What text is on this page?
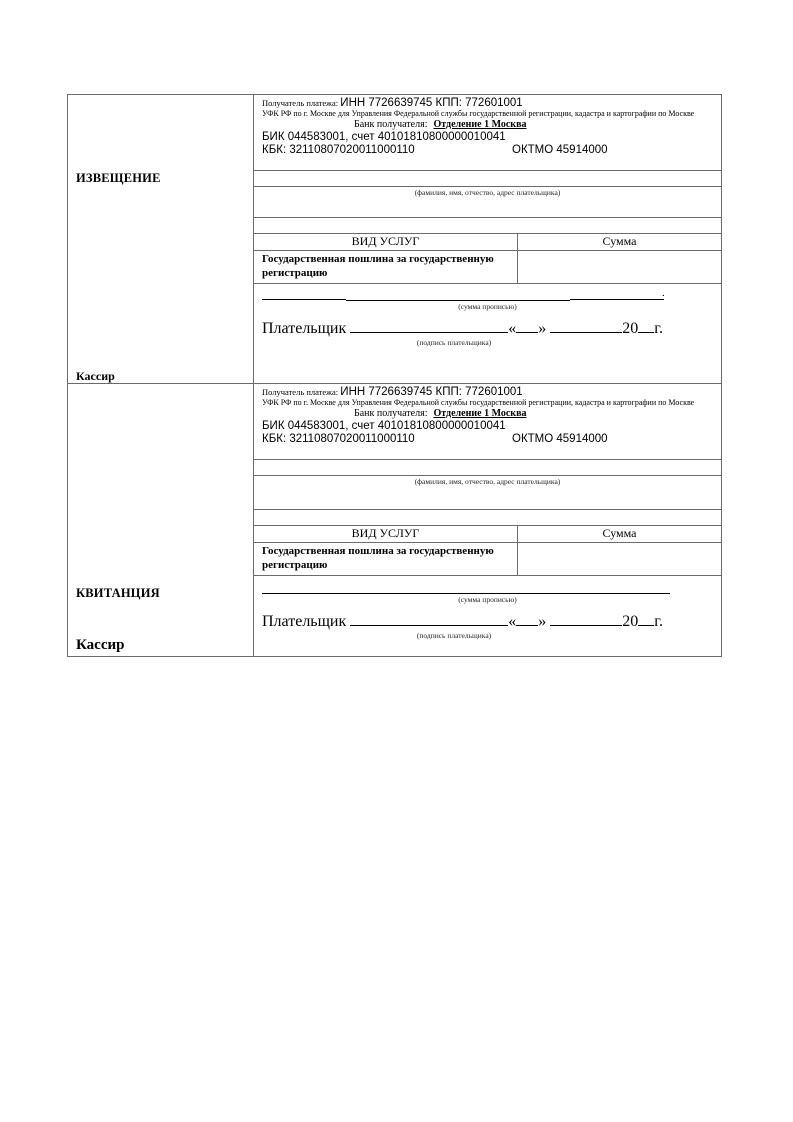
ИЗВЕЩЕНИЕ
Кассир
Получатель платежа: ИНН 7726639745 КПП: 772601001
УФК РФ по г. Москве для Управления Федеральной службы государственной регистрации, кадастра и картографии по Москве
Банк получателя: Отделение 1 Москва
БИК 044583001, счет 40101810800000010041
КБК: 32110807020011000110	ОКТМО 45914000
(фамилия, имя, отчество, адрес плательщика)
ВИД УСЛУГ	Сумма
Государственная пошлина за государственную регистрацию
.
(сумма прописью)
Плательщик	« »	20 г.
(подпись плательщика)
КВИТАНЦИЯ
Кассир
Получатель платежа: ИНН 7726639745 КПП: 772601001
УФК РФ по г. Москве для Управления Федеральной службы государственной регистрации, кадастра и картографии по Москве
Банк получателя: Отделение 1 Москва
БИК 044583001, счет 40101810800000010041
КБК: 32110807020011000110	ОКТМО 45914000
(фамилия, имя, отчество, адрес плательщика)
ВИД УСЛУГ	Сумма
Государственная пошлина за государственную регистрацию
(сумма прописью)
Плательщик	« »	20 г.
(подпись плательщика)
